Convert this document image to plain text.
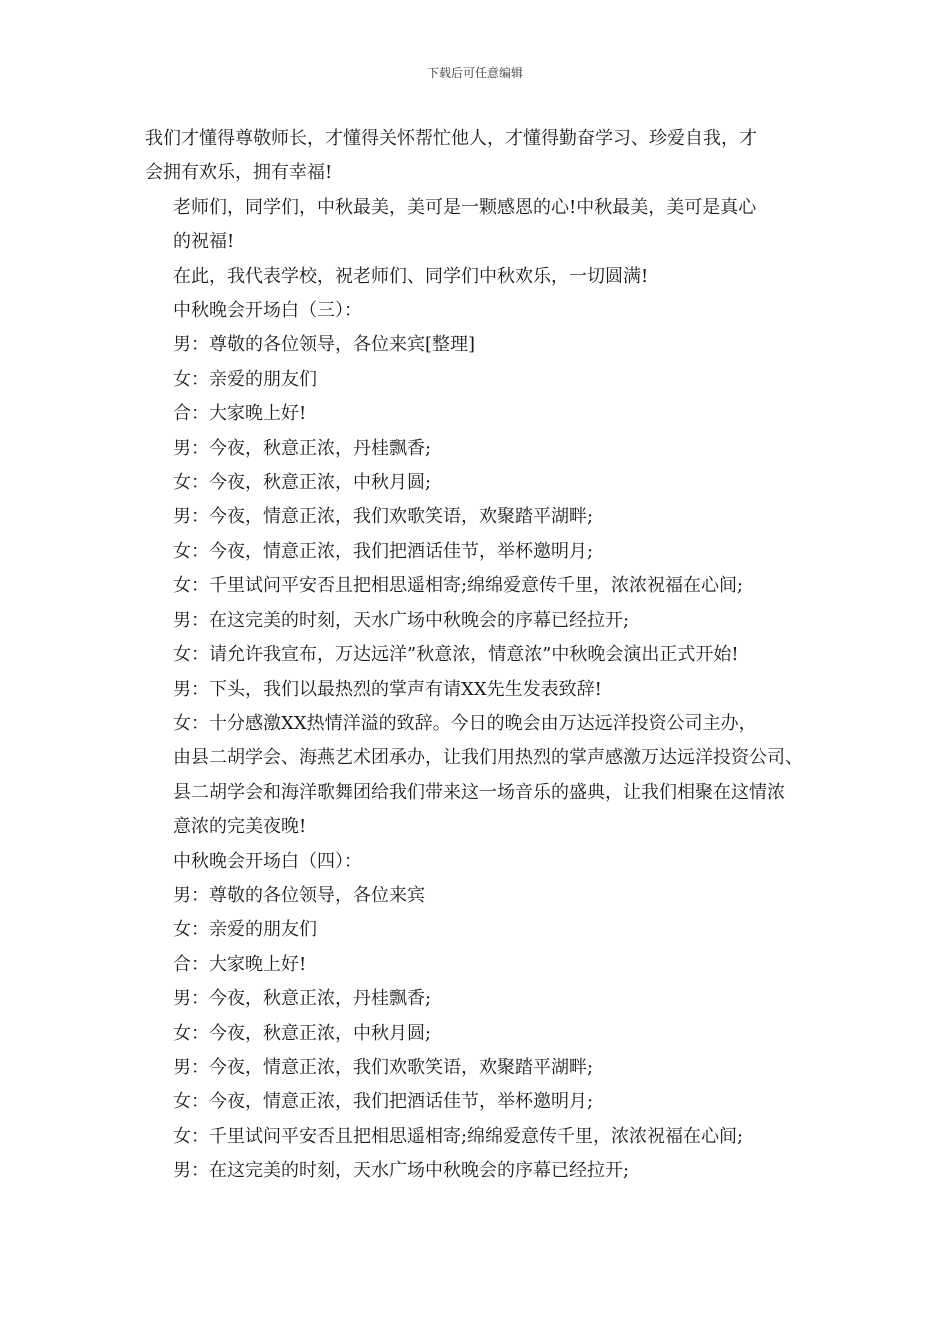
下载后可任意编辑

我们才懂得尊敬师长，才懂得关怀帮忙他人，才懂得勤奋学习、珍爱自我，才
会拥有欢乐，拥有幸福!

老师们，同学们，中秋最美，美可是一颗感恩的心!中秋最美，美可是真心
的祝福!

在此，我代表学校，祝老师们、同学们中秋欢乐，一切圆满!

中秋晚会开场白（三）：

男：尊敬的各位领导，各位来宾[整理]

女：亲爱的朋友们

合：大家晚上好!

男：今夜，秋意正浓，丹桂飘香;

女：今夜，秋意正浓，中秋月圆;

男：今夜，情意正浓，我们欢歌笑语，欢聚踏平湖畔;

女：今夜，情意正浓，我们把酒话佳节，举杯邀明月;

女：千里试问平安否且把相思遥相寄;绵绵爱意传千里，浓浓祝福在心间;

男：在这完美的时刻，天水广场中秋晚会的序幕已经拉开;

女：请允许我宣布，万达远洋”秋意浓，情意浓”中秋晚会演出正式开始!

男：下头，我们以最热烈的掌声有请XX先生发表致辞!

女：十分感激XX热情洋溢的致辞。今日的晚会由万达远洋投资公司主办，
由县二胡学会、海燕艺术团承办，让我们用热烈的掌声感激万达远洋投资公司、
县二胡学会和海洋歌舞团给我们带来这一场音乐的盛典，让我们相聚在这情浓
意浓的完美夜晚!

中秋晚会开场白（四）：

男：尊敬的各位领导，各位来宾

女：亲爱的朋友们

合：大家晚上好!

男：今夜，秋意正浓，丹桂飘香;

女：今夜，秋意正浓，中秋月圆;

男：今夜，情意正浓，我们欢歌笑语，欢聚踏平湖畔;

女：今夜，情意正浓，我们把酒话佳节，举杯邀明月;

女：千里试问平安否且把相思遥相寄;绵绵爱意传千里，浓浓祝福在心间;

男：在这完美的时刻，天水广场中秋晚会的序幕已经拉开;
